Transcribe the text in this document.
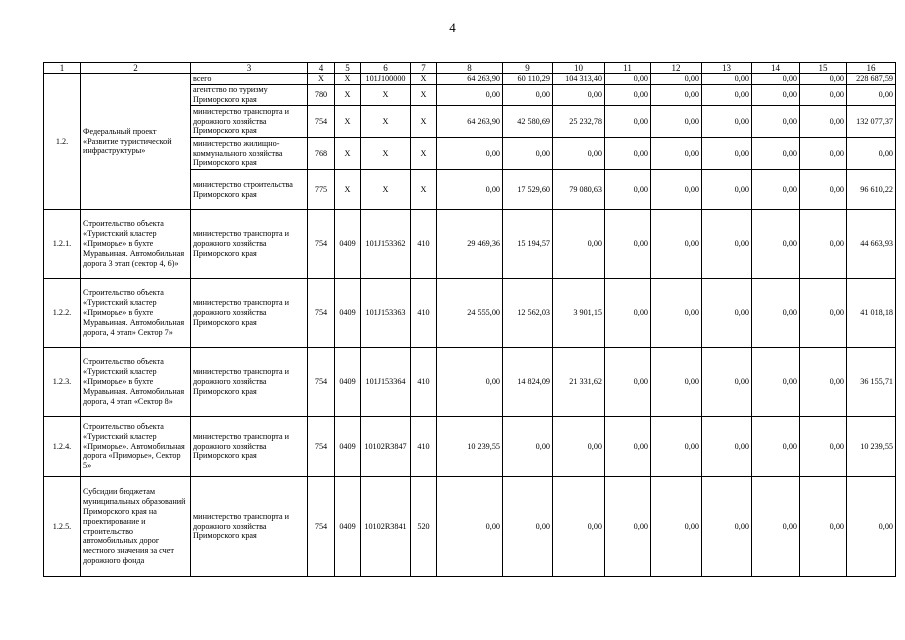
4
1	2	3	4	5	6	7	8	9	10	11	12	13	14	15	16
1.2.	Федеральный проект «Развитие туристической инфраструктуры»	всего	Х	Х	101J100000	Х	64 263,90	60 110,29	104 313,40	0,00	0,00	0,00	0,00	0,00	228 687,59
		агентство по туризму Приморского края	780	Х	Х	Х	0,00	0,00	0,00	0,00	0,00	0,00	0,00	0,00	0,00
		министерство транспорта и дорожного хозяйства Приморского края	754	Х	Х	Х	64 263,90	42 580,69	25 232,78	0,00	0,00	0,00	0,00	0,00	132 077,37
		министерство жилищно-коммунального хозяйства Приморского края	768	Х	Х	Х	0,00	0,00	0,00	0,00	0,00	0,00	0,00	0,00	0,00
		министерство строительства Приморского края	775	Х	Х	Х	0,00	17 529,60	79 080,63	0,00	0,00	0,00	0,00	0,00	96 610,22
1.2.1.	Строительство объекта «Туристский кластер «Приморье» в бухте Муравьиная. Автомобильная дорога 3 этап (сектор 4, 6)»	министерство транспорта и дорожного хозяйства Приморского края	754	0409	101J153362	410	29 469,36	15 194,57	0,00	0,00	0,00	0,00	0,00	0,00	44 663,93
1.2.2.	Строительство объекта «Туристский кластер «Приморье» в бухте Муравьиная. Автомобильная дорога, 4 этап» Сектор 7»	министерство транспорта и дорожного хозяйства Приморского края	754	0409	101J153363	410	24 555,00	12 562,03	3 901,15	0,00	0,00	0,00	0,00	0,00	41 018,18
1.2.3.	Строительство объекта «Туристский кластер «Приморье» в бухте Муравьиная. Автомобильная дорога, 4 этап «Сектор 8»	министерство транспорта и дорожного хозяйства Приморского края	754	0409	101J153364	410	0,00	14 824,09	21 331,62	0,00	0,00	0,00	0,00	0,00	36 155,71
1.2.4.	Строительство объекта «Туристский кластер «Приморье». Автомобильная дорога «Приморье», Сектор 5»	министерство транспорта и дорожного хозяйства Приморского края	754	0409	10102R3847	410	10 239,55	0,00	0,00	0,00	0,00	0,00	0,00	0,00	10 239,55
1.2.5.	Субсидии бюджетам муниципальных образований Приморского края на проектирование и строительство автомобильных дорог местного значения за счет дорожного фонда	министерство транспорта и дорожного хозяйства Приморского края	754	0409	10102R3841	520	0,00	0,00	0,00	0,00	0,00	0,00	0,00	0,00	0,00
